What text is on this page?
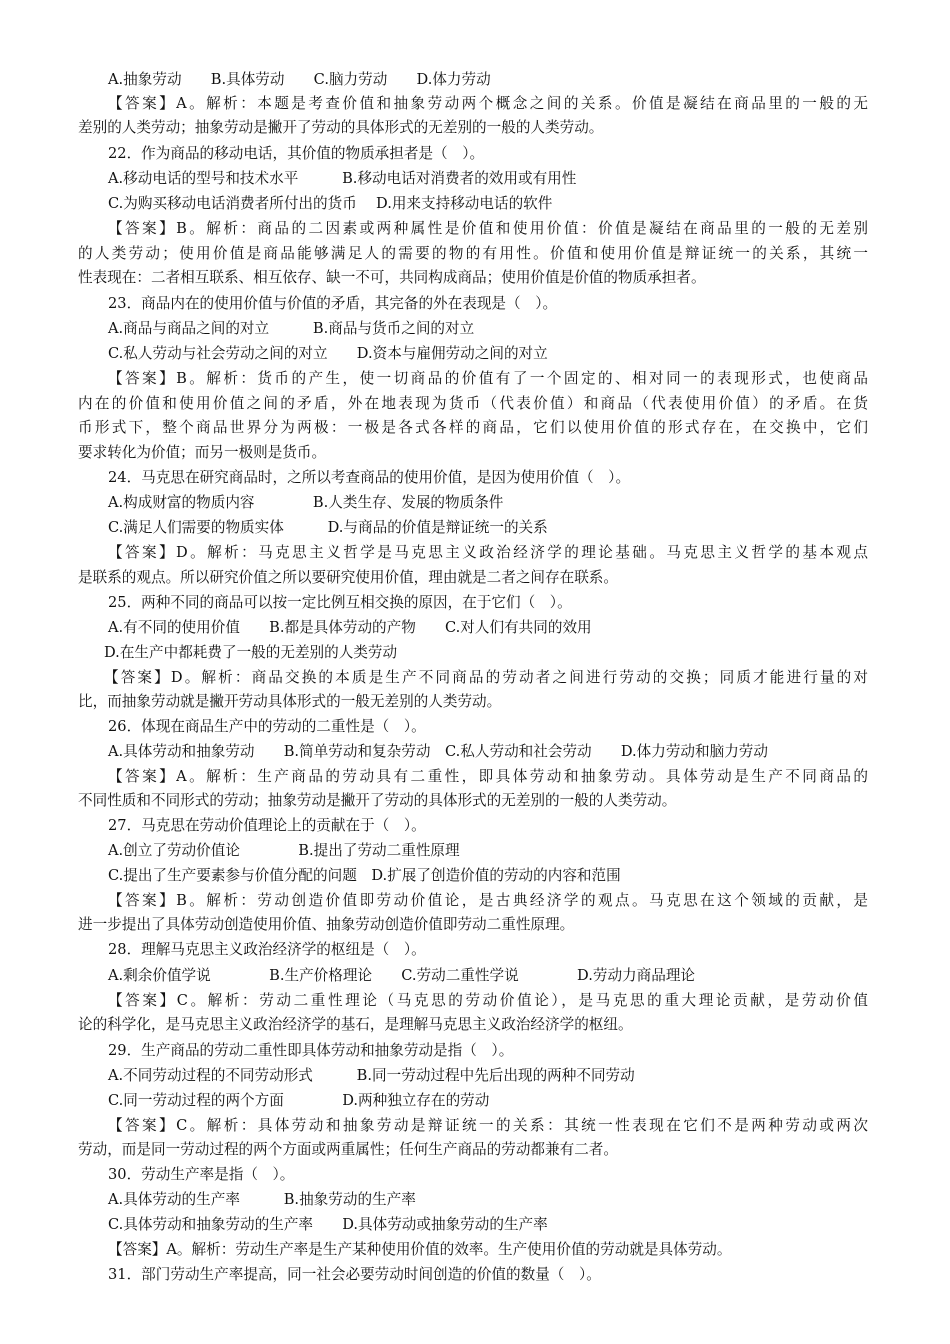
A.抽象劳动　　B.具体劳动　　C.脑力劳动　　D.体力劳动
【答案】A。解析：本题是考查价值和抽象劳动两个概念之间的关系。价值是凝结在商品里的一般的无
差别的人类劳动；抽象劳动是撇开了劳动的具体形式的无差别的一般的人类劳动。
22．作为商品的移动电话，其价值的物质承担者是（　）。
A.移动电话的型号和技术水平　　　B.移动电话对消费者的效用或有用性
C.为购买移动电话消费者所付出的货币　 D.用来支持移动电话的软件
【答案】B。解析：商品的二因素或两种属性是价值和使用价值：价值是凝结在商品里的一般的无差别
的人类劳动；使用价值是商品能够满足人的需要的物的有用性。价值和使用价值是辩证统一的关系，其统一
性表现在：二者相互联系、相互依存、缺一不可，共同构成商品；使用价值是价值的物质承担者。
23．商品内在的使用价值与价值的矛盾，其完备的外在表现是（　）。
A.商品与商品之间的对立　　　B.商品与货币之间的对立
C.私人劳动与社会劳动之间的对立　　D.资本与雇佣劳动之间的对立
【答案】B。解析：货币的产生，使一切商品的价值有了一个固定的、相对同一的表现形式，也使商品
内在的价值和使用价值之间的矛盾，外在地表现为货币（代表价值）和商品（代表使用价值）的矛盾。在货
币形式下，整个商品世界分为两极：一极是各式各样的商品，它们以使用价值的形式存在，在交换中，它们
要求转化为价值；而另一极则是货币。
24．马克思在研究商品时，之所以考查商品的使用价值，是因为使用价值（　）。
A.构成财富的物质内容　　　　B.人类生存、发展的物质条件
C.满足人们需要的物质实体　　　D.与商品的价值是辩证统一的关系
【答案】D。解析：马克思主义哲学是马克思主义政治经济学的理论基础。马克思主义哲学的基本观点
是联系的观点。所以研究价值之所以要研究使用价值，理由就是二者之间存在联系。
25．两种不同的商品可以按一定比例互相交换的原因，在于它们（　）。
A.有不同的使用价值　　B.都是具体劳动的产物　　C.对人们有共同的效用
D.在生产中都耗费了一般的无差别的人类劳动
【答案】D。解析：商品交换的本质是生产不同商品的劳动者之间进行劳动的交换；同质才能进行量的对
比，而抽象劳动就是撇开劳动具体形式的一般无差别的人类劳动。
26．体现在商品生产中的劳动的二重性是（　）。
A.具体劳动和抽象劳动　　B.简单劳动和复杂劳动　C.私人劳动和社会劳动　　D.体力劳动和脑力劳动
【答案】A。解析：生产商品的劳动具有二重性，即具体劳动和抽象劳动。具体劳动是生产不同商品的
不同性质和不同形式的劳动；抽象劳动是撇开了劳动的具体形式的无差别的一般的人类劳动。
27．马克思在劳动价值理论上的贡献在于（　）。
A.创立了劳动价值论　　　　B.提出了劳动二重性原理
C.提出了生产要素参与价值分配的问题　D.扩展了创造价值的劳动的内容和范围
【答案】B。解析：劳动创造价值即劳动价值论，是古典经济学的观点。马克思在这个领域的贡献，是
进一步提出了具体劳动创造使用价值、抽象劳动创造价值即劳动二重性原理。
28．理解马克思主义政治经济学的枢纽是（　）。
A.剩余价值学说　　　　B.生产价格理论　　C.劳动二重性学说　　　　D.劳动力商品理论
【答案】C。解析：劳动二重性理论（马克思的劳动价值论），是马克思的重大理论贡献，是劳动价值
论的科学化，是马克思主义政治经济学的基石，是理解马克思主义政治经济学的枢纽。
29．生产商品的劳动二重性即具体劳动和抽象劳动是指（　）。
A.不同劳动过程的不同劳动形式　　　B.同一劳动过程中先后出现的两种不同劳动
C.同一劳动过程的两个方面　　　　D.两种独立存在的劳动
【答案】C。解析：具体劳动和抽象劳动是辩证统一的关系：其统一性表现在它们不是两种劳动或两次
劳动，而是同一劳动过程的两个方面或两重属性；任何生产商品的劳动都兼有二者。
30．劳动生产率是指（　）。
A.具体劳动的生产率　　　B.抽象劳动的生产率
C.具体劳动和抽象劳动的生产率　　D.具体劳动或抽象劳动的生产率
【答案】A。解析：劳动生产率是生产某种使用价值的效率。生产使用价值的劳动就是具体劳动。
31．部门劳动生产率提高，同一社会必要劳动时间创造的价值的数量（　）。
